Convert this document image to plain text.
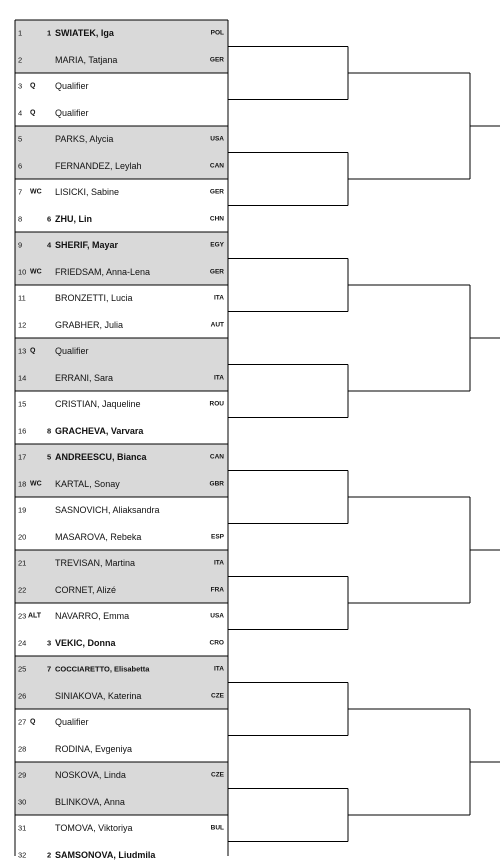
1	1 SWIATEK, Iga	POL
2	MARIA, Tatjana	GER
3 Q Qualifier
4 Q Qualifier
5	PARKS, Alycia	USA
6	FERNANDEZ, Leylah	CAN
7 WC LISICKI, Sabine	GER
8	6 ZHU, Lin	CHN
9	4 SHERIF, Mayar	EGY
10 WC FRIEDSAM, Anna-Lena	GER
11	BRONZETTI, Lucia	ITA
12	GRABHER, Julia	AUT
13 Q Qualifier
14	ERRANI, Sara	ITA
15	CRISTIAN, Jaqueline	ROU
16	8 GRACHEVA, Varvara
17	5 ANDREESCU, Bianca	CAN
18 WC KARTAL, Sonay	GBR
19	SASNOVICH, Aliaksandra
20	MASAROVA, Rebeka	ESP
21	TREVISAN, Martina	ITA
22	CORNET, Alizé	FRA
23 ALT NAVARRO, Emma	USA
24	3 VEKIC, Donna	CRO
25	7 COCCIARETTO, Elisabetta	ITA
26	SINIAKOVA, Katerina	CZE
27 Q Qualifier
28	RODINA, Evgeniya
29	NOSKOVA, Linda	CZE
30	BLINKOVA, Anna
31	TOMOVA, Viktoriya	BUL
32	2 SAMSONOVA, Liudmila
